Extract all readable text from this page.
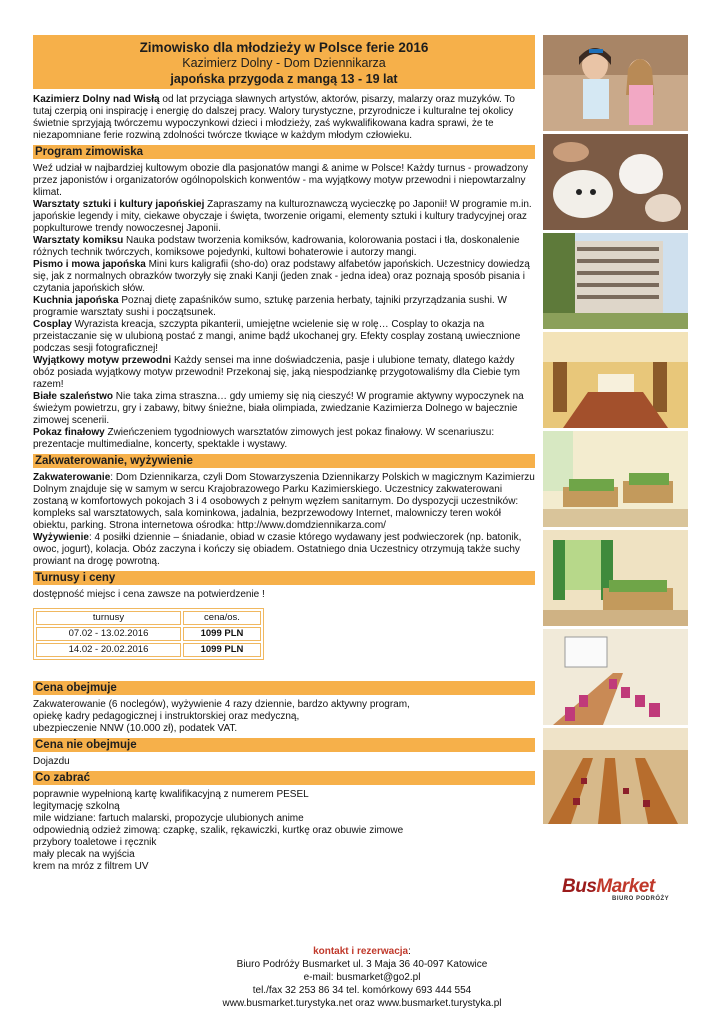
Zimowisko dla młodzieży w Polsce ferie 2016
Kazimierz Dolny - Dom Dziennikarza
japońska przygoda z mangą 13 - 19 lat

Kazimierz Dolny nad Wisłą od lat przyciąga sławnych artystów, aktorów, pisarzy, malarzy oraz muzyków. To tutaj czerpią oni inspirację i energię do dalszej pracy. Walory turystyczne, przyrodnicze i kulturalne tej okolicy świetnie sprzyjają twórczemu wypoczynkowi dzieci i młodzieży, zaś wykwalifikowana kadra sprawi, że te niezapomniane ferie rozwiną zdolności twórcze tkwiące w każdym młodym człowieku.

Program zimowiska

Weź udział w najbardziej kultowym obozie dla pasjonatów mangi & anime w Polsce! Każdy turnus - prowadzony przez japonistów i organizatorów ogólnopolskich konwentów - ma wyjątkowy motyw przewodni i niepowtarzalny klimat.

Warsztaty sztuki i kultury japońskiej Zapraszamy na kulturoznawczą wycieczkę po Japonii! W programie m.in. japońskie legendy i mity, ciekawe obyczaje i święta, tworzenie origami, elementy sztuki i kultury tradycyjnej oraz popkulturowe trendy nowoczesnej Japonii.

Warsztaty komiksu Nauka podstaw tworzenia komiksów, kadrowania, kolorowania postaci i tła, doskonalenie różnych technik twórczych, komiksowe pojedynki, kultowi bohaterowie i autorzy mangi.

Pismo i mowa japońska Mini kurs kaligrafii (sho-do) oraz podstawy alfabetów japońskich. Uczestnicy dowiedzą się, jak z normalnych obrazków tworzyły się znaki Kanji (jeden znak - jedna idea) oraz poznają sposób pisania i czytania japońskich słów.

Kuchnia japońska Poznaj dietę zapaśników sumo, sztukę parzenia herbaty, tajniki przyrządzania sushi. W programie warsztaty sushi i początsunek.

Cosplay Wyrazista kreacja, szczypta pikanterii, umiejętne wcielenie się w rolę… Cosplay to okazja na przeistaczanie się w ulubioną postać z mangi, anime bądź ukochanej gry. Efekty cosplay zostaną uwiecznione podczas sesji fotograficznej!

Wyjątkowy motyw przewodni Każdy sensei ma inne doświadczenia, pasje i ulubione tematy, dlatego każdy obóz posiada wyjątkowy motyw przewodni! Przekonaj się, jaką niespodziankę przygotowaliśmy dla Ciebie tym razem!

Białe szaleństwo Nie taka zima straszna… gdy umiemy się nią cieszyć! W programie aktywny wypoczynek na świeżym powietrzu, gry i zabawy, bitwy śnieżne, biała olimpiada, zwiedzanie Kazimierza Dolnego w bajecznie zimowej scenerii.

Pokaz finałowy Zwieńczeniem tygodniowych warsztatów zimowych jest pokaz finałowy. W scenariuszu: prezentacje multimedialne, koncerty, spektakle i wystawy.

Zakwaterowanie, wyżywienie

Zakwaterowanie: Dom Dziennikarza, czyli Dom Stowarzyszenia Dziennikarzy Polskich w magicznym Kazimierzu Dolnym znajduje się w samym w sercu Krajobrazowego Parku Kazimierskiego. Uczestnicy zakwaterowani zostaną w komfortowych pokojach 3 i 4 osobowych z pełnym węzłem sanitarnym. Do dyspozycji uczestników: kompleks sal warsztatowych, sala kominkowa, jadalnia, bezprzewodowy Internet, malowniczy teren wokół obiektu, parking. Strona internetowa ośrodka: http://www.domdziennikarza.com/

Wyżywienie: 4 posiłki dziennie – śniadanie, obiad w czasie którego wydawany jest podwieczorek (np. batonik, owoc, jogurt), kolacja. Obóz zaczyna i kończy się obiadem. Ostatniego dnia Uczestnicy otrzymują także suchy prowiant na drogę powrotną.

Turnusy i ceny

dostępność miejsc i cena zawsze na potwierdzenie !

turnusy	cena/os.
07.02 - 13.02.2016	1099 PLN
14.02 - 20.02.2016	1099 PLN
Cena obejmuje

Zakwaterowanie (6 noclegów), wyżywienie 4 razy dziennie, bardzo aktywny program,

opiekę kadry pedagogicznej i instruktorskiej oraz medyczną,

ubezpieczenie NNW (10.000 zł), podatek VAT.

Cena nie obejmuje

Dojazdu

Co zabrać

poprawnie wypełnioną kartę kwalifikacyjną z numerem PESEL

legitymację szkolną

mile widziane: fartuch malarski, propozycje ulubionych anime

odpowiednią odzież zimową: czapkę, szalik, rękawiczki, kurtkę oraz obuwie zimowe

przybory toaletowe i ręcznik

mały plecak na wyjścia

krem na mróz z filtrem UV

BusMarket
BIURO PODRÓŻY
kontakt i rezerwacja:
Biuro Podróży Busmarket ul. 3 Maja 36 40-097 Katowice
e-mail: busmarket@go2.pl
tel./fax 32 253 86 34 tel. komórkowy 693 444 554
www.busmarket.turystyka.net oraz www.busmarket.turystyka.pl
